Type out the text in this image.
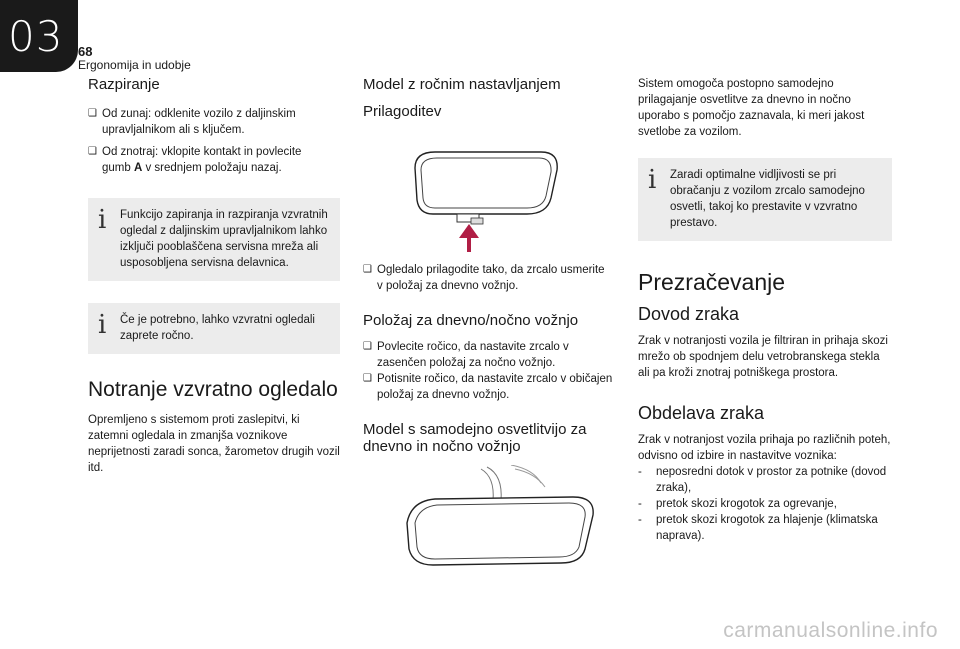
03 68
Ergonomija in udobje
Razpiranje
❑ Od zunaj: odklenite vozilo z daljinskim upravljalnikom ali s ključem.
❑ Od znotraj: vklopite kontakt in povlecite
gumb A v srednjem položaju nazaj.
i Funkcijo zapiranja in razpiranja vzvratnih ogledal z daljinskim upravljalnikom lahko izključi pooblaščena servisna mreža ali usposobljena servisna delavnica.
i Če je potrebno, lahko vzvratni ogledali zaprete ročno.
Notranje vzvratno ogledalo

Opremljeno s sistemom proti zaslepitvi, ki zatemni ogledala in zmanjša voznikove neprijetnosti zaradi sonca, žarometov drugih vozil itd.

Model z ročnim nastavljanjem
Prilagoditev
❑ Ogledalo prilagodite tako, da zrcalo usmerite v položaj za dnevno vožnjo.
Položaj za dnevno/nočno vožnjo
❑ Povlecite ročico, da nastavite zrcalo v zasenčen položaj za nočno vožnjo.
❑ Potisnite ročico, da nastavite zrcalo v običajen položaj za dnevno vožnjo.
Model s samodejno osvetlitvijo za dnevno in nočno vožnjo

Sistem omogoča postopno samodejno prilagajanje osvetlitve za dnevno in nočno uporabo s pomočjo zaznavala, ki meri jakost svetlobe za vozilom.

i Zaradi optimalne vidljivosti se pri obračanju z vozilom zrcalo samodejno osvetli, takoj ko prestavite v vzvratno prestavo.
Prezračevanje
Dovod zraka

Zrak v notranjosti vozila je filtriran in prihaja skozi mrežo ob spodnjem delu vetrobranskega stekla ali pa kroži znotraj potniškega prostora.

Obdelava zraka

Zrak v notranjost vozila prihaja po različnih poteh, odvisno od izbire in nastavitve voznika:

- neposredni dotok v prostor za potnike (dovod zraka),
- pretok skozi krogotok za ogrevanje,
- pretok skozi krogotok za hlajenje (klimatska naprava).
carmanualsonline.info
